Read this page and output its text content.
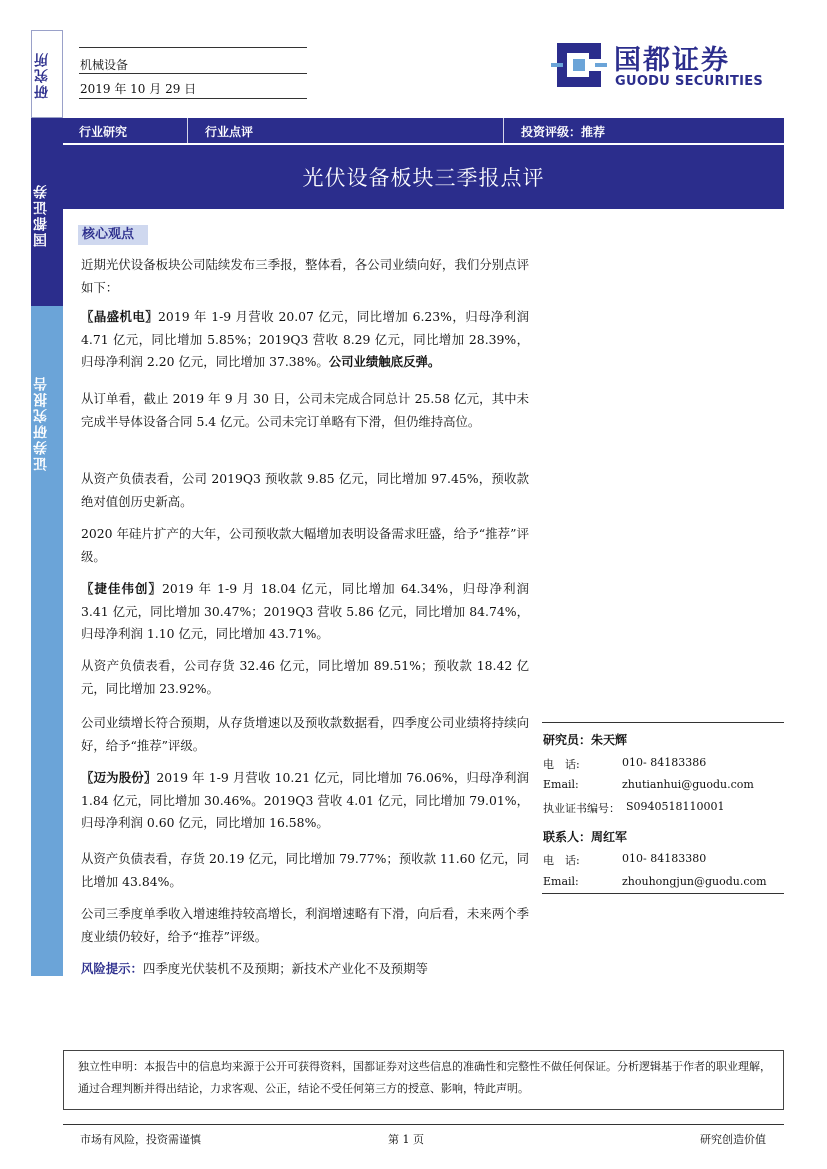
研究所
国都证券
证券研究报告
机械设备
2019 年 10 月 29 日
国都证券
GUODU SECURITIES
行业研究	行业点评	投资评级：推荐
光伏设备板块三季报点评
核心观点
近期光伏设备板块公司陆续发布三季报，整体看，各公司业绩向好，我们分别点评如下：
〖晶盛机电〗2019 年 1-9 月营收 20.07 亿元，同比增加 6.23%，归母净利润 4.71 亿元，同比增加 5.85%；2019Q3 营收 8.29 亿元，同比增加 28.39%，归母净利润 2.20 亿元，同比增加 37.38%。公司业绩触底反弹。
从订单看，截止 2019 年 9 月 30 日，公司未完成合同总计 25.58 亿元，其中未完成半导体设备合同 5.4 亿元。公司未完订单略有下滑，但仍维持高位。
从资产负债表看，公司 2019Q3 预收款 9.85 亿元，同比增加 97.45%，预收款绝对值创历史新高。
2020 年硅片扩产的大年，公司预收款大幅增加表明设备需求旺盛，给予“推荐”评级。
〖捷佳伟创〗2019 年 1-9 月 18.04 亿元，同比增加 64.34%，归母净利润 3.41 亿元，同比增加 30.47%；2019Q3 营收 5.86 亿元，同比增加 84.74%，归母净利润 1.10 亿元，同比增加 43.71%。
从资产负债表看，公司存货 32.46 亿元，同比增加 89.51%；预收款 18.42 亿元，同比增加 23.92%。
公司业绩增长符合预期，从存货增速以及预收款数据看，四季度公司业绩将持续向好，给予“推荐”评级。
〖迈为股份〗2019 年 1-9 月营收 10.21 亿元，同比增加 76.06%，归母净利润 1.84 亿元，同比增加 30.46%。2019Q3 营收 4.01 亿元，同比增加 79.01%，归母净利润 0.60 亿元，同比增加 16.58%。
从资产负债表看，存货 20.19 亿元，同比增加 79.77%；预收款 11.60 亿元，同比增加 43.84%。
公司三季度单季收入增速维持较高增长，利润增速略有下滑，向后看，未来两个季度业绩仍较好，给予“推荐”评级。
风险提示：四季度光伏装机不及预期；新技术产业化不及预期等
研究员：朱天辉
电　话:	010- 84183386
Email:	zhutianhui@guodu.com
执业证书编号： S0940518110001
联系人：周红军
电　话:	010- 84183380
Email:	zhouhongjun@guodu.com
独立性申明：本报告中的信息均来源于公开可获得资料，国都证券对这些信息的准确性和完整性不做任何保证。分析逻辑基于作者的职业理解，通过合理判断并得出结论，力求客观、公正，结论不受任何第三方的授意、影响，特此声明。
市场有风险，投资需谨慎	第 1 页	研究创造价值
